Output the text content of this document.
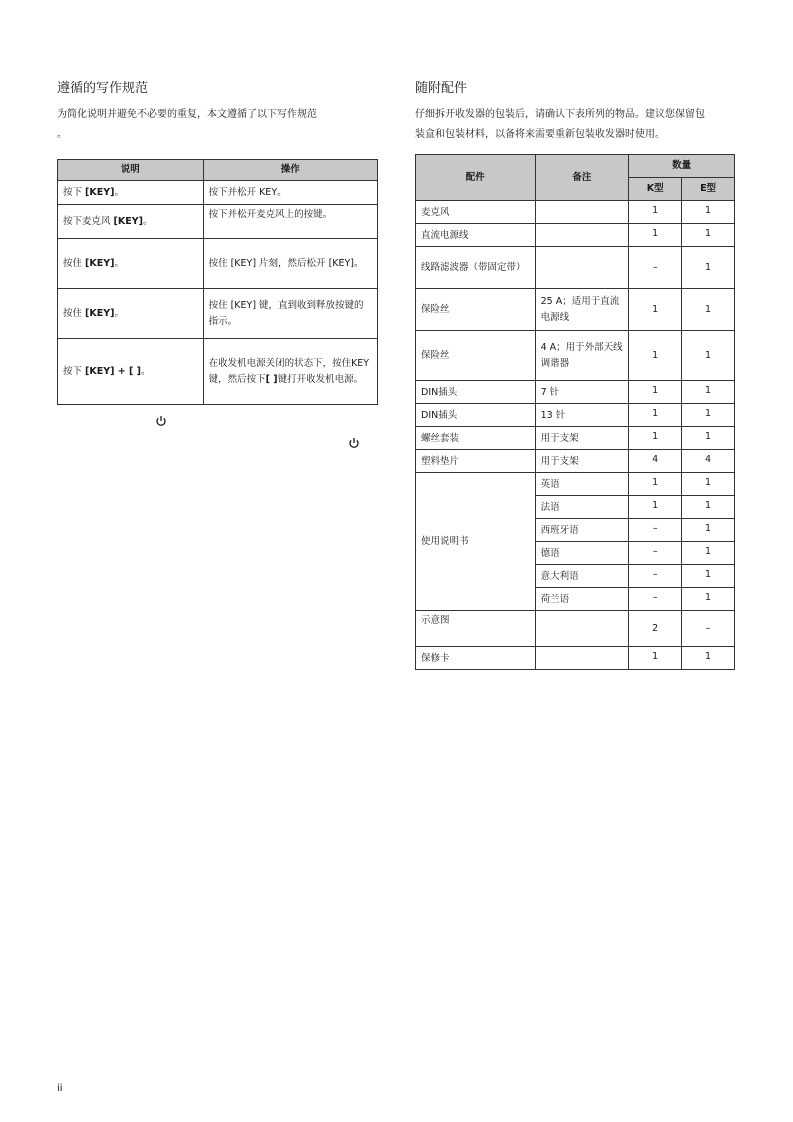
遵循的写作规范
为简化说明并避免不必要的重复，本文遵循了以下写作规范
。
说明	操作
按下 [KEY]。	按下并松开 KEY。
按下麦克风 [KEY]。	按下并松开麦克风上的按键。
按住 [KEY]。	按住 [KEY] 片刻，然后松开 [KEY]。
按住 [KEY]。	按住 [KEY] 键，直到收到释放按键的指示。
按下 [KEY] + [ ]。	在收发机电源关闭的状态下，按住KEY键，然后按下[ ]键打开收发机电源。
随附配件
仔细拆开收发器的包装后，请确认下表所列的物品。建议您保留包
装盒和包装材料，以备将来需要重新包装收发器时使用。
配件	备注	数量	
		K型	E型
麦克风		1	1
直流电源线		1	1
线路滤波器（带固定带）		–	1
保险丝	25 A；适用于直流电源线	1	1
保险丝	4 A；用于外部天线调谐器	1	1
DIN插头	7 针	1	1
DIN插头	13 针	1	1
螺丝套装	用于支架	1	1
塑料垫片	用于支架	4	4
使用说明书	英语	1	1
	法语	1	1
	西班牙语	–	1
	德语	–	1
	意大利语	–	1
	荷兰语	–	1
示意图		2	–
保修卡		1	1
ii
